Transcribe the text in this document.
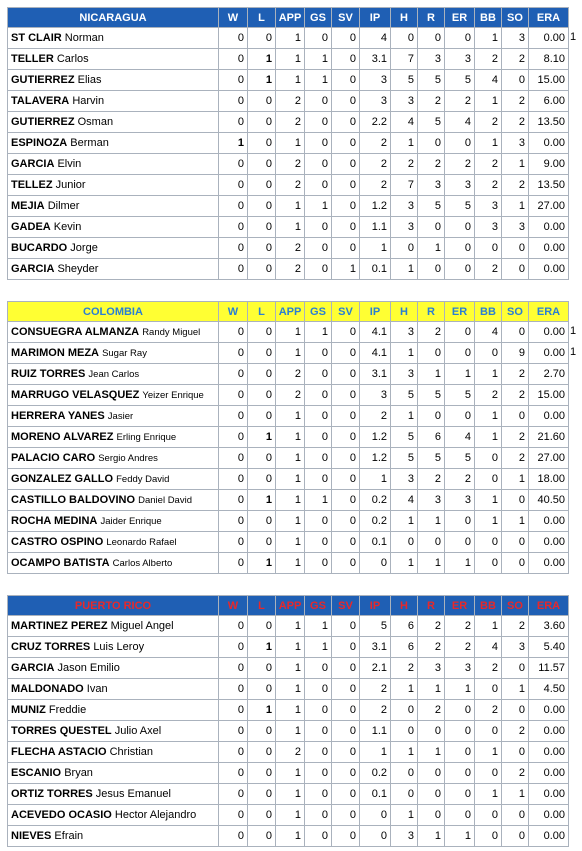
NICARAGUA	W	L	APP	GS	SV	IP	H	R	ER	BB	SO	ERA
ST CLAIR Norman	0	0	1	0	0	4	0	0	0	1	3	0.00
TELLER Carlos	0	1	1	1	0	3.1	7	3	3	2	2	8.10
GUTIERREZ Elias	0	1	1	1	0	3	5	5	5	4	0	15.00
TALAVERA Harvin	0	0	2	0	0	3	3	2	2	1	2	6.00
GUTIERREZ Osman	0	0	2	0	0	2.2	4	5	4	2	2	13.50
ESPINOZA Berman	1	0	1	0	0	2	1	0	0	1	3	0.00
GARCIA Elvin	0	0	2	0	0	2	2	2	2	2	1	9.00
TELLEZ Junior	0	0	2	0	0	2	7	3	3	2	2	13.50
MEJIA Dilmer	0	0	1	1	0	1.2	3	5	5	3	1	27.00
GADEA Kevin	0	0	1	0	0	1.1	3	0	0	3	3	0.00
BUCARDO Jorge	0	0	2	0	0	1	0	1	0	0	0	0.00
GARCIA Sheyder	0	0	2	0	1	0.1	1	0	0	2	0	0.00
COLOMBIA	W	L	APP	GS	SV	IP	H	R	ER	BB	SO	ERA
CONSUEGRA ALMANZA Randy Miguel	0	0	1	1	0	4.1	3	2	0	4	0	0.00
MARIMON MEZA Sugar Ray	0	0	1	0	0	4.1	1	0	0	0	9	0.00
RUIZ TORRES Jean Carlos	0	0	2	0	0	3.1	3	1	1	1	2	2.70
MARRUGO VELASQUEZ Yeizer Enrique	0	0	2	0	0	3	5	5	5	2	2	15.00
HERRERA YANES Jasier	0	0	1	0	0	2	1	0	0	1	0	0.00
MORENO ALVAREZ Erling Enrique	0	1	1	0	0	1.2	5	6	4	1	2	21.60
PALACIO CARO Sergio Andres	0	0	1	0	0	1.2	5	5	5	0	2	27.00
GONZALEZ GALLO Feddy David	0	0	1	0	0	1	3	2	2	0	1	18.00
CASTILLO BALDOVINO Daniel David	0	1	1	1	0	0.2	4	3	3	1	0	40.50
ROCHA MEDINA Jaider Enrique	0	0	1	0	0	0.2	1	1	0	1	1	0.00
CASTRO OSPINO Leonardo Rafael	0	0	1	0	0	0.1	0	0	0	0	0	0.00
OCAMPO BATISTA Carlos Alberto	0	1	1	0	0	0	1	1	1	0	0	0.00
PUERTO RICO	W	L	APP	GS	SV	IP	H	R	ER	BB	SO	ERA
MARTINEZ PEREZ Miguel Angel	0	0	1	1	0	5	6	2	2	1	2	3.60
CRUZ TORRES Luis Leroy	0	1	1	1	0	3.1	6	2	2	4	3	5.40
GARCIA Jason Emilio	0	0	1	0	0	2.1	2	3	3	2	0	11.57
MALDONADO Ivan	0	0	1	0	0	2	1	1	1	0	1	4.50
MUNIZ Freddie	0	1	1	0	0	2	0	2	0	2	0	0.00
TORRES QUESTEL Julio Axel	0	0	1	0	0	1.1	0	0	0	0	2	0.00
FLECHA ASTACIO Christian	0	0	2	0	0	1	1	1	0	1	0	0.00
ESCANIO Bryan	0	0	1	0	0	0.2	0	0	0	0	2	0.00
ORTIZ TORRES Jesus Emanuel	0	0	1	0	0	0.1	0	0	0	1	1	0.00
ACEVEDO OCASIO Hector Alejandro	0	0	1	0	0	0	1	0	0	0	0	0.00
NIEVES Efrain	0	0	1	0	0	0	3	1	1	0	0	0.00
1
1
1
